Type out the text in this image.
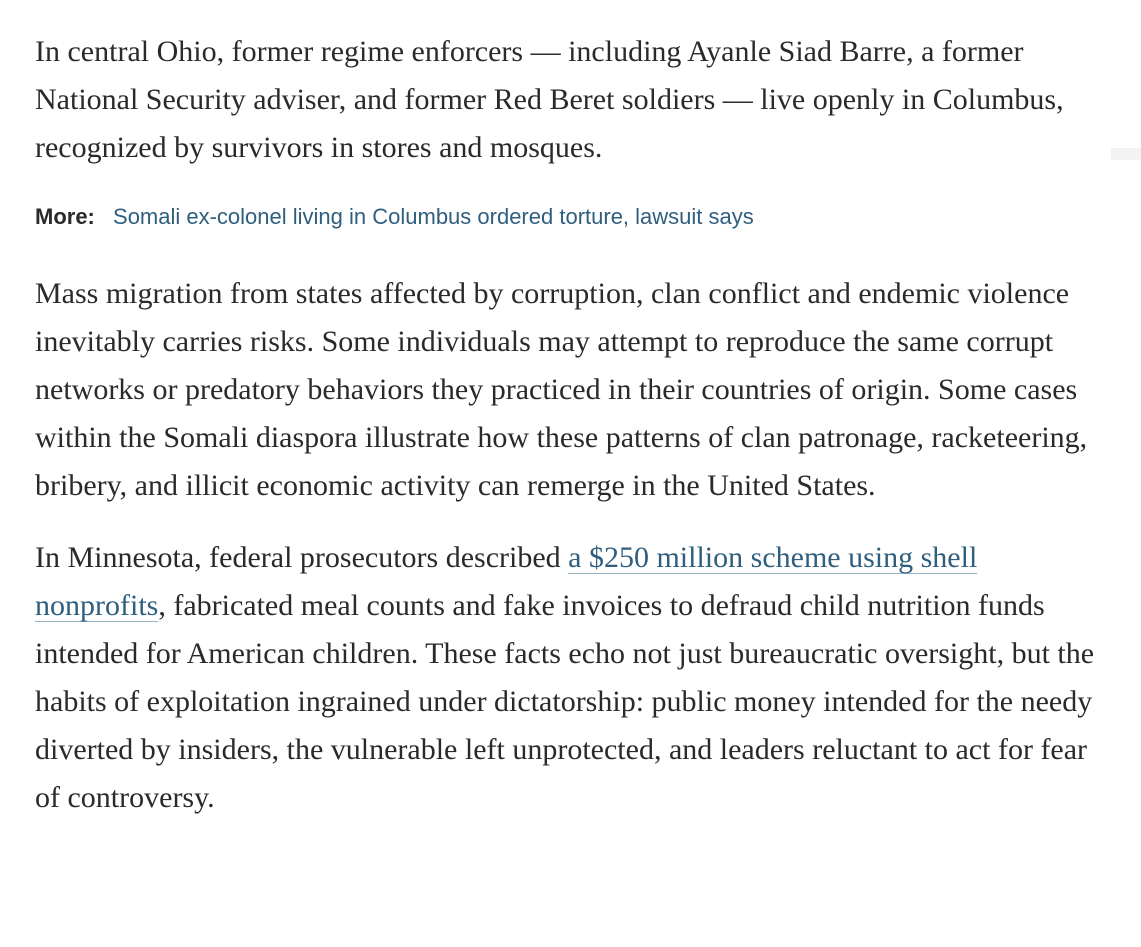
In central Ohio, former regime enforcers — including Ayanle Siad Barre, a former National Security adviser, and former Red Beret soldiers — live openly in Columbus, recognized by survivors in stores and mosques.

More: Somali ex-colonel living in Columbus ordered torture, lawsuit says

Mass migration from states affected by corruption, clan conflict and endemic violence inevitably carries risks. Some individuals may attempt to reproduce the same corrupt networks or predatory behaviors they practiced in their countries of origin. Some cases within the Somali diaspora illustrate how these patterns of clan patronage, racketeering, bribery, and illicit economic activity can remerge in the United States.

In Minnesota, federal prosecutors described a $250 million scheme using shell nonprofits, fabricated meal counts and fake invoices to defraud child nutrition funds intended for American children. These facts echo not just bureaucratic oversight, but the habits of exploitation ingrained under dictatorship: public money intended for the needy diverted by insiders, the vulnerable left unprotected, and leaders reluctant to act for fear of controversy.
